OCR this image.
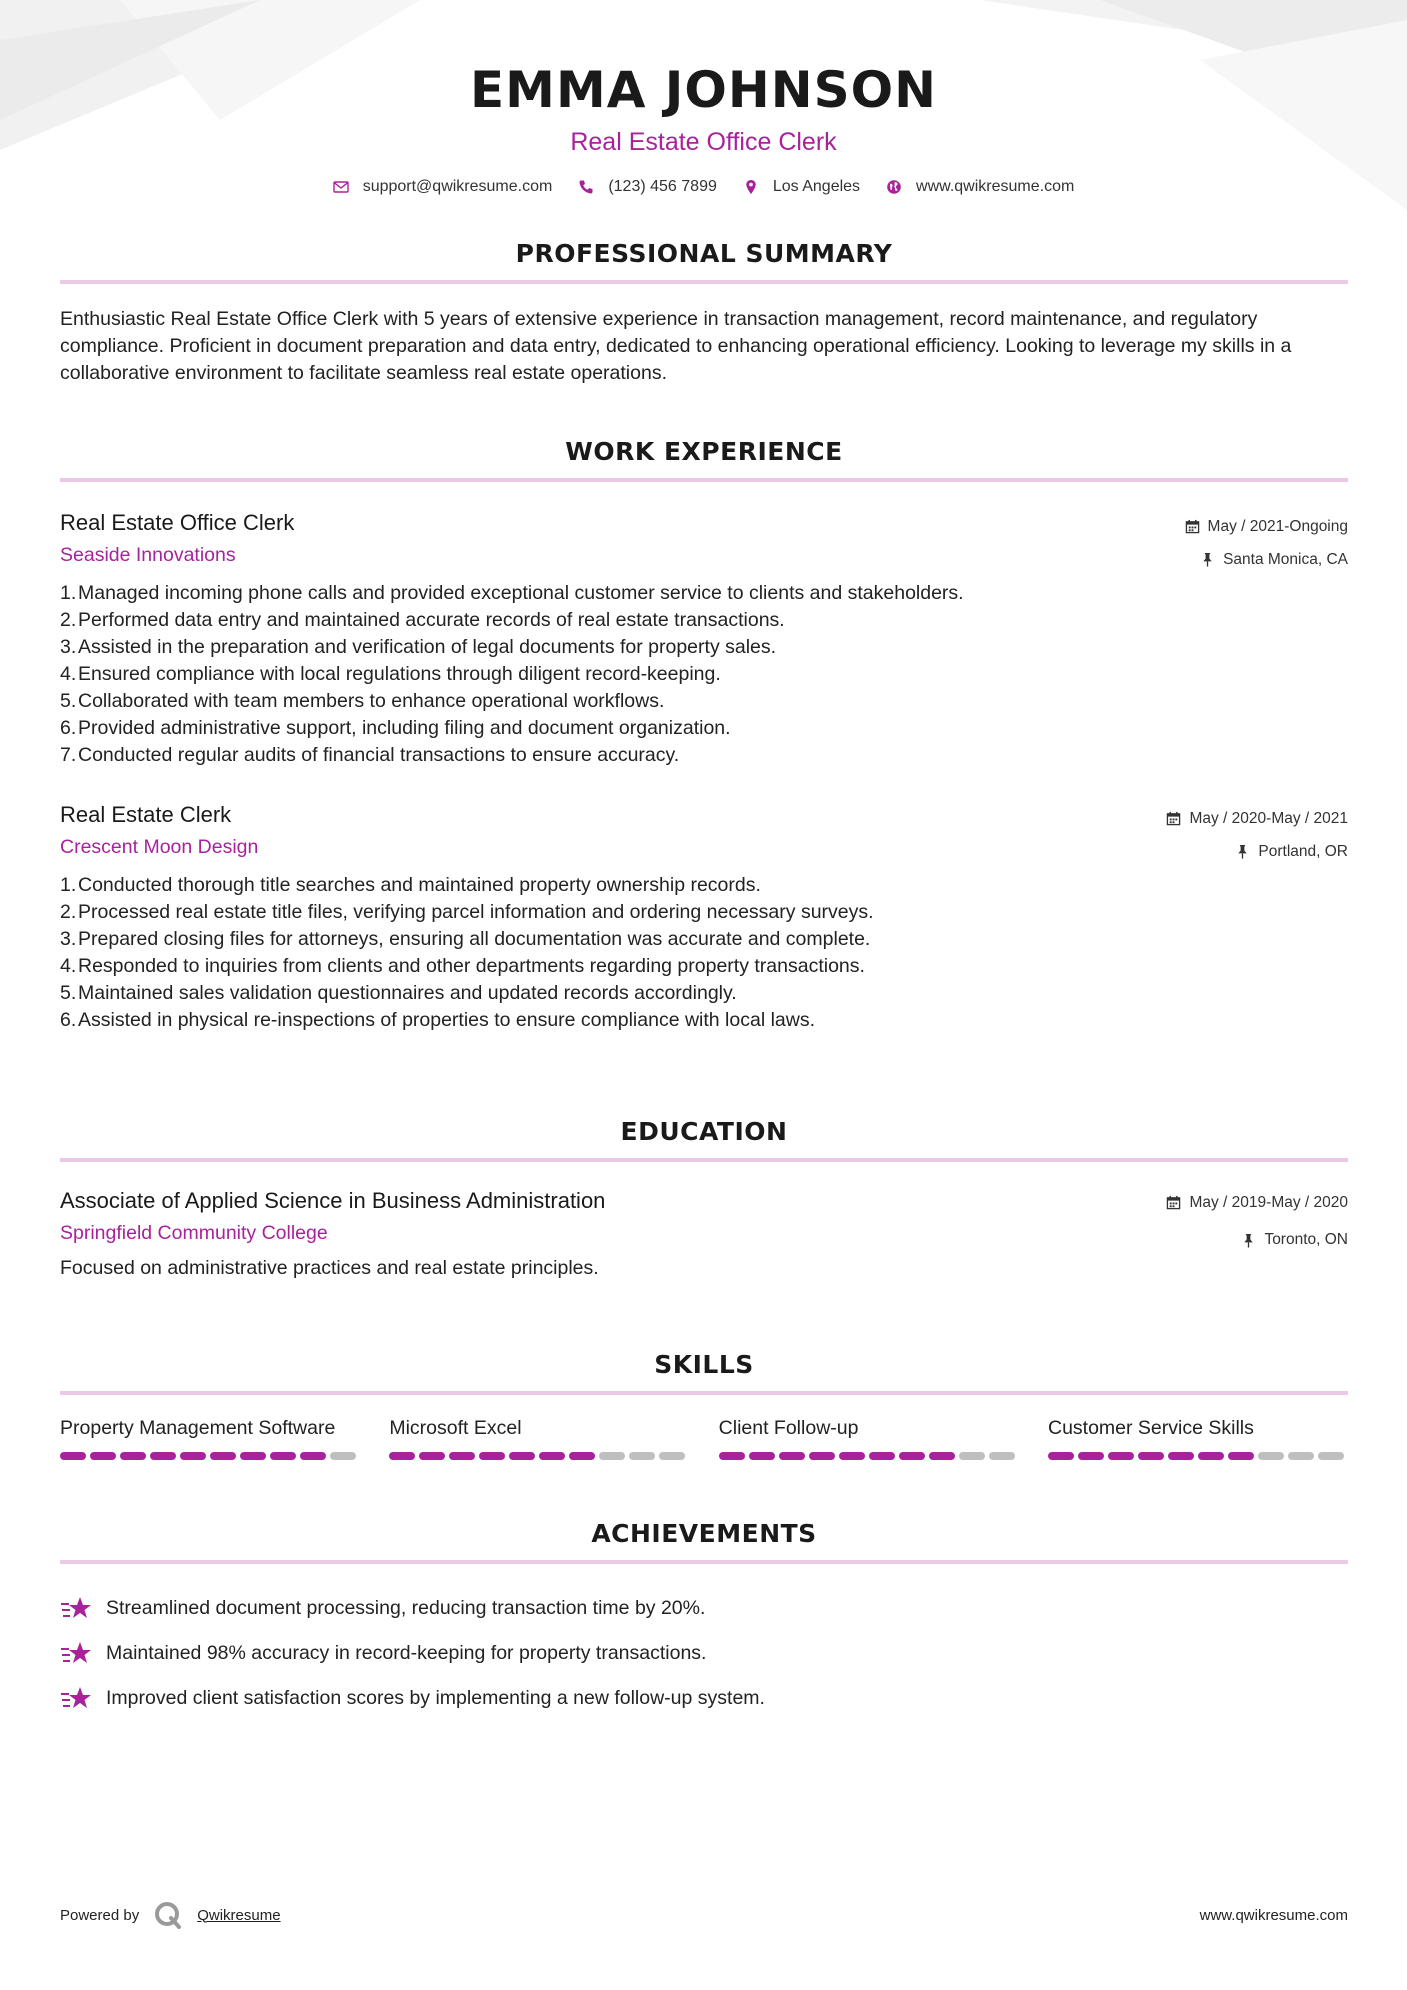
EMMA JOHNSON
Real Estate Office Clerk
support@qwikresume.com	(123) 456 7899	Los Angeles	www.qwikresume.com
PROFESSIONAL SUMMARY
Enthusiastic Real Estate Office Clerk with 5 years of extensive experience in transaction management, record maintenance, and regulatory compliance. Proficient in document preparation and data entry, dedicated to enhancing operational efficiency. Looking to leverage my skills in a collaborative environment to facilitate seamless real estate operations.
WORK EXPERIENCE
Real Estate Office Clerk
Seaside Innovations
May / 2021-Ongoing
Santa Monica, CA
1. Managed incoming phone calls and provided exceptional customer service to clients and stakeholders.
2. Performed data entry and maintained accurate records of real estate transactions.
3. Assisted in the preparation and verification of legal documents for property sales.
4. Ensured compliance with local regulations through diligent record-keeping.
5. Collaborated with team members to enhance operational workflows.
6. Provided administrative support, including filing and document organization.
7. Conducted regular audits of financial transactions to ensure accuracy.
Real Estate Clerk
Crescent Moon Design
May / 2020-May / 2021
Portland, OR
1. Conducted thorough title searches and maintained property ownership records.
2. Processed real estate title files, verifying parcel information and ordering necessary surveys.
3. Prepared closing files for attorneys, ensuring all documentation was accurate and complete.
4. Responded to inquiries from clients and other departments regarding property transactions.
5. Maintained sales validation questionnaires and updated records accordingly.
6. Assisted in physical re-inspections of properties to ensure compliance with local laws.
EDUCATION
Associate of Applied Science in Business Administration
Springfield Community College
May / 2019-May / 2020
Toronto, ON
Focused on administrative practices and real estate principles.
SKILLS
Property Management Software	Microsoft Excel	Client Follow-up	Customer Service Skills
ACHIEVEMENTS
Streamlined document processing, reducing transaction time by 20%.
Maintained 98% accuracy in record-keeping for property transactions.
Improved client satisfaction scores by implementing a new follow-up system.
Powered by	Qwikresume	www.qwikresume.com
